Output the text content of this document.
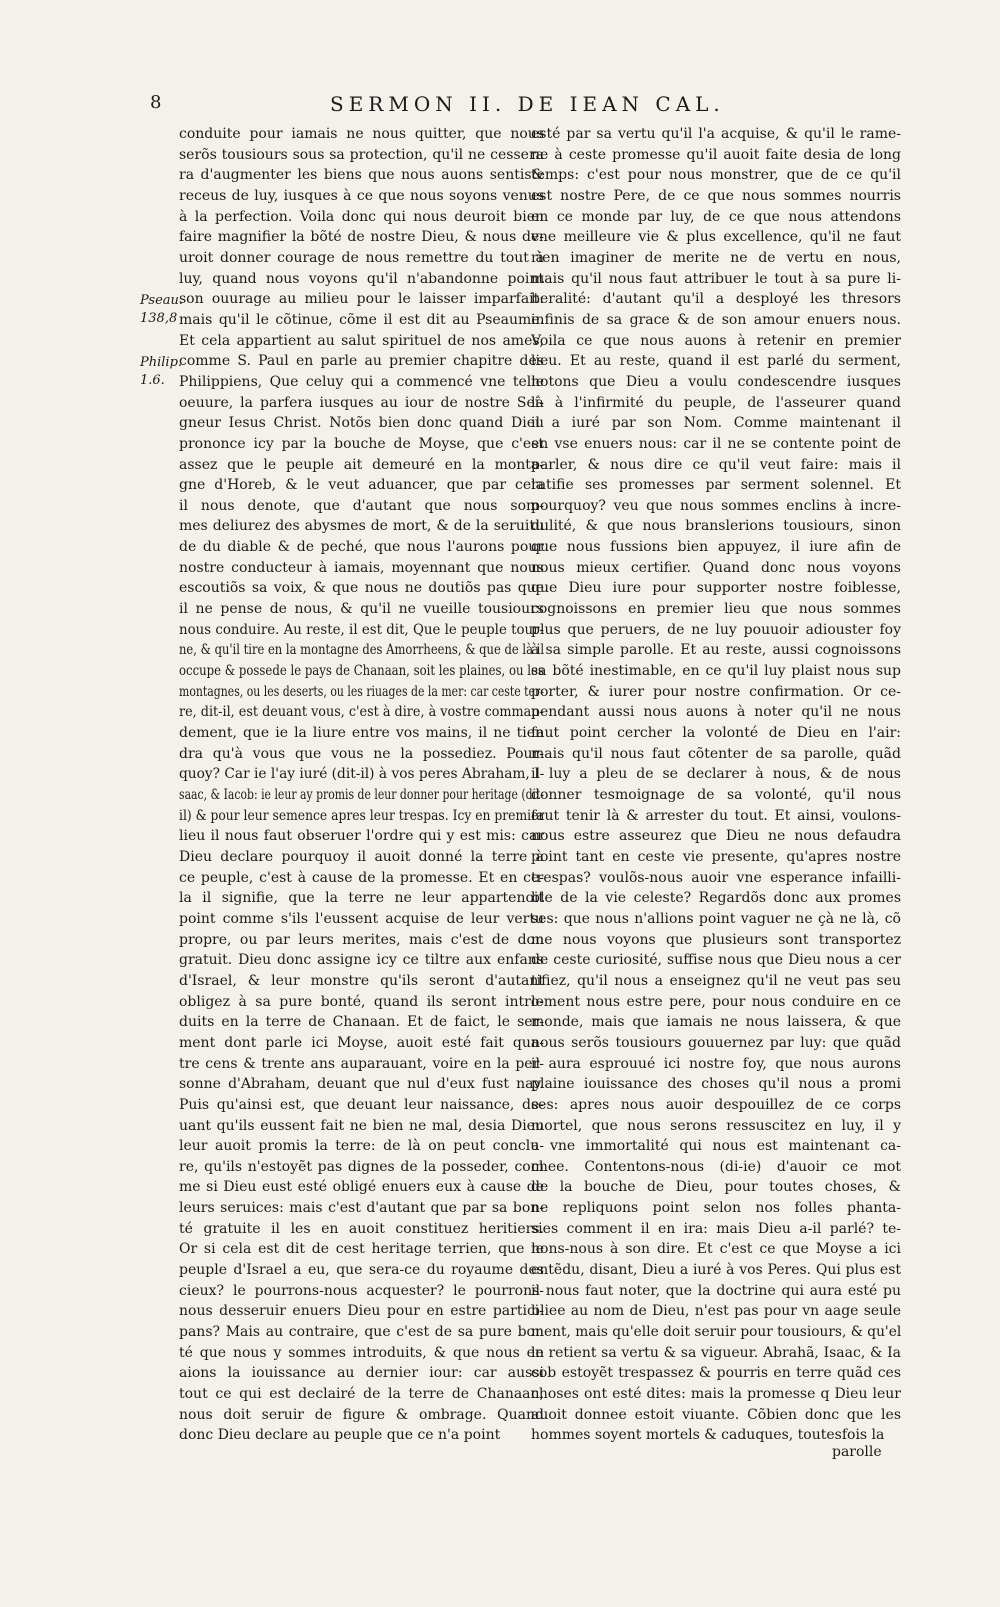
8	SERMON II. DE IEAN CAL.
Pseau.
138,8
Philip.
1.6.
conduite pour iamais ne nous quitter, que nous
serõs tousiours sous sa protection, qu'il ne cessera
ra d'augmenter les biens que nous auons sentis&
receus de luy, iusques à ce que nous soyons venus
à la perfection. Voila donc qui nous deuroit bien
faire magnifier la bõté de nostre Dieu, & nous de-
uroit donner courage de nous remettre du tout à
luy, quand nous voyons qu'il n'abandonne point
son ouurage au milieu pour le laisser imparfait:
mais qu'il le cõtinue, cõme il est dit au Pseaume.
Et cela appartient au salut spirituel de nos ames,
comme S. Paul en parle au premier chapitre des
Philippiens, Que celuy qui a commencé vne telle
oeuure, la parfera iusques au iour de nostre Sei-
gneur Iesus Christ. Notõs bien donc quand Dieu
prononce icy par la bouche de Moyse, que c'est
assez que le peuple ait demeuré en la monta-
gne d'Horeb, & le veut aduancer, que par cela
il nous denote, que d'autant que nous som-
mes deliurez des abysmes de mort, & de la seruitu
de du diable & de peché, que nous l'aurons pour
nostre conducteur à iamais, moyennant que nous
escoutiõs sa voix, & que nous ne doutiõs pas que
il ne pense de nous, & qu'il ne vueille tousiours
nous conduire. Au reste, il est dit, Que le peuple tour-
ne, & qu'il tire en la montagne des Amorrheens, & que de là il
occupe & possede le pays de Chanaan, soit les plaines, ou les
montagnes, ou les deserts, ou les riuages de la mer: car ceste ter-
re, dit-il, est deuant vous, c'est à dire, à vostre comman-
dement, que ie la liure entre vos mains, il ne tien
dra qu'à vous que vous ne la possediez. Pour-
quoy? Car ie l'ay iuré (dit-il) à vos peres Abraham, I-
saac, & Iacob: ie leur ay promis de leur donner pour heritage (dit-
il) & pour leur semence apres leur trespas. Icy en premier
lieu il nous faut obseruer l'ordre qui y est mis: car
Dieu declare pourquoy il auoit donné la terre à
ce peuple, c'est à cause de la promesse. Et en ce-
la il signifie, que la terre ne leur appartenoit
point comme s'ils l'eussent acquise de leur vertu
propre, ou par leurs merites, mais c'est de don
gratuit. Dieu donc assigne icy ce tiltre aux enfans
d'Israel, & leur monstre qu'ils seront d'autant
obligez à sa pure bonté, quand ils seront intro-
duits en la terre de Chanaan. Et de faict, le ser-
ment dont parle ici Moyse, auoit esté fait qua-
tre cens & trente ans auparauant, voire en la per-
sonne d'Abraham, deuant que nul d'eux fust nay.
Puis qu'ainsi est, que deuant leur naissance, de-
uant qu'ils eussent fait ne bien ne mal, desia Dieu
leur auoit promis la terre: de là on peut conclu-
re, qu'ils n'estoyẽt pas dignes de la posseder, com
me si Dieu eust esté obligé enuers eux à cause de
leurs seruices: mais c'est d'autant que par sa bon-
té gratuite il les en auoit constituez heritiers.
Or si cela est dit de cest heritage terrien, que le
peuple d'Israel a eu, que sera-ce du royaume des
cieux? le pourrons-nous acquester? le pourrons-
nous desseruir enuers Dieu pour en estre partici-
pans? Mais au contraire, que c'est de sa pure bon
té que nous y sommes introduits, & que nous en
aions la iouissance au dernier iour: car aussi
tout ce qui est declairé de la terre de Chanaan,
nous doit seruir de figure & ombrage. Quand
donc Dieu declare au peuple que ce n'a point
esté par sa vertu qu'il l'a acquise, & qu'il le rame-
ne à ceste promesse qu'il auoit faite desia de long
temps: c'est pour nous monstrer, que de ce qu'il
est nostre Pere, de ce que nous sommes nourris
en ce monde par luy, de ce que nous attendons
vne meilleure vie & plus excellence, qu'il ne faut
rien imaginer de merite ne de vertu en nous,
mais qu'il nous faut attribuer le tout à sa pure li-
beralité: d'autant qu'il a desployé les thresors
infinis de sa grace & de son amour enuers nous.
Voila ce que nous auons à retenir en premier
lieu. Et au reste, quand il est parlé du serment,
notons que Dieu a voulu condescendre iusques
là à l'infirmité du peuple, de l'asseurer quand
il a iuré par son Nom. Comme maintenant il
en vse enuers nous: car il ne se contente point de
parler, & nous dire ce qu'il veut faire: mais il
ratifie ses promesses par serment solennel. Et
pourquoy? veu que nous sommes enclins à incre-
dulité, & que nous branslerions tousiours, sinon
que nous fussions bien appuyez, il iure afin de
nous mieux certifier. Quand donc nous voyons
que Dieu iure pour supporter nostre foiblesse,
cognoissons en premier lieu que nous sommes
plus que peruers, de ne luy pouuoir adiouster foy
à sa simple parolle. Et au reste, aussi cognoissons
sa bõté inestimable, en ce qu'il luy plaist nous sup
porter, & iurer pour nostre confirmation. Or ce-
pendant aussi nous auons à noter qu'il ne nous
faut point cercher la volonté de Dieu en l'air:
mais qu'il nous faut cõtenter de sa parolle, quãd
il luy a pleu de se declarer à nous, & de nous
donner tesmoignage de sa volonté, qu'il nous
faut tenir là & arrester du tout. Et ainsi, voulons-
nous estre asseurez que Dieu ne nous defaudra
point tant en ceste vie presente, qu'apres nostre
trespas? voulõs-nous auoir vne esperance infailli-
ble de la vie celeste? Regardõs donc aux promes
ses: que nous n'allions point vaguer ne çà ne là, cõ
me nous voyons que plusieurs sont transportez
de ceste curiosité, suffise nous que Dieu nous a cer
tifiez, qu'il nous a enseignez qu'il ne veut pas seu
lement nous estre pere, pour nous conduire en ce
monde, mais que iamais ne nous laissera, & que
nous serõs tousiours gouuernez par luy: que quãd
il aura esprouué ici nostre foy, que nous aurons
plaine iouissance des choses qu'il nous a promi
ses: apres nous auoir despouillez de ce corps
mortel, que nous serons ressuscitez en luy, il y
a vne immortalité qui nous est maintenant ca-
chee. Contentons-nous (di-ie) d'auoir ce mot
de la bouche de Dieu, pour toutes choses, &
ne repliquons point selon nos folles phanta-
sies comment il en ira: mais Dieu a-il parlé? te-
nons-nous à son dire. Et c'est ce que Moyse a ici
entẽdu, disant, Dieu a iuré à vos Peres. Qui plus est
il nous faut noter, que la doctrine qui aura esté pu
bliee au nom de Dieu, n'est pas pour vn aage seule
ment, mais qu'elle doit seruir pour tousiours, & qu'el
le retient sa vertu & sa vigueur. Abrahã, Isaac, & Ia
cob estoyẽt trespassez & pourris en terre quãd ces
choses ont esté dites: mais la promesse q Dieu leur
auoit donnee estoit viuante. Cõbien donc que les
hommes soyent mortels & caduques, toutesfois la
parolle
